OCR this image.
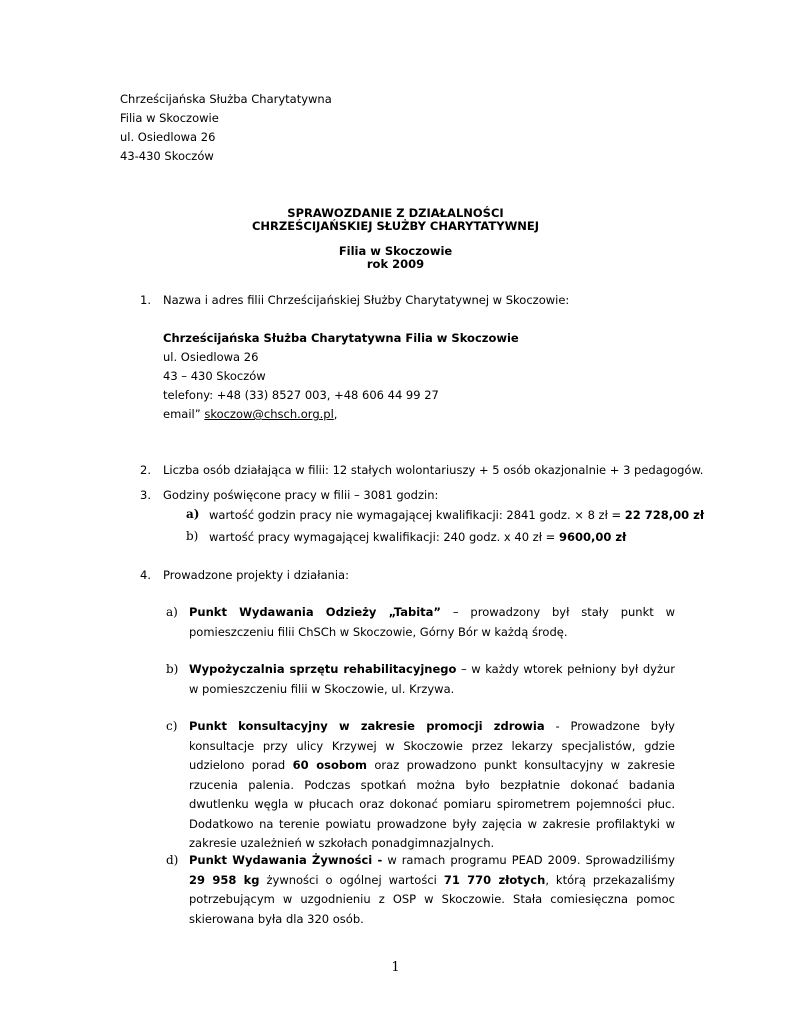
Chrześcijańska Służba Charytatywna
Filia w Skoczowie
ul. Osiedlowa 26
43-430 Skoczów
SPRAWOZDANIE Z DZIAŁALNOŚCI
CHRZEŚCIJAŃSKIEJ SŁUŻBY CHARYTATYWNEJ
Filia w Skoczowie
rok 2009
1. Nazwa i adres filii Chrześcijańskiej Służby Charytatywnej w Skoczowie:
Chrześcijańska Służba Charytatywna Filia w Skoczowie
ul. Osiedlowa 26
43 – 430 Skoczów
telefony: +48 (33) 8527 003, +48 606 44 99 27
email” skoczow@chsch.org.pl,
2. Liczba osób działająca w filii: 12 stałych wolontariuszy + 5 osób okazjonalnie + 3 pedagogów.
3. Godziny poświęcone pracy w filii – 3081 godzin:
a) wartość godzin pracy nie wymagającej kwalifikacji: 2841 godz. × 8 zł = 22 728,00 zł
b) wartość pracy wymagającej kwalifikacji: 240 godz. x 40 zł = 9600,00 zł
4. Prowadzone projekty i działania:
a) Punkt Wydawania Odzieży „Tabita” – prowadzony był stały punkt w pomieszczeniu filii ChSCh w Skoczowie, Górny Bór w każdą środę.
b) Wypożyczalnia sprzętu rehabilitacyjnego – w każdy wtorek pełniony był dyżur w pomieszczeniu filii w Skoczowie, ul. Krzywa.
c) Punkt konsultacyjny w zakresie promocji zdrowia - Prowadzone były konsultacje przy ulicy Krzywej w Skoczowie przez lekarzy specjalistów, gdzie udzielono porad 60 osobom oraz prowadzono punkt konsultacyjny w zakresie rzucenia palenia. Podczas spotkań można było bezpłatnie dokonać badania dwutlenku węgla w płucach oraz dokonać pomiaru spirometrem pojemności płuc. Dodatkowo na terenie powiatu prowadzone były zajęcia w zakresie profilaktyki w zakresie uzależnień w szkołach ponadgimnazjalnych.
d) Punkt Wydawania Żywności - w ramach programu PEAD 2009. Sprowadziliśmy 29 958 kg żywności o ogólnej wartości 71 770 złotych, którą przekazaliśmy potrzebującym w uzgodnieniu z OSP w Skoczowie. Stała comiesięczna pomoc skierowana była dla 320 osób.
1
